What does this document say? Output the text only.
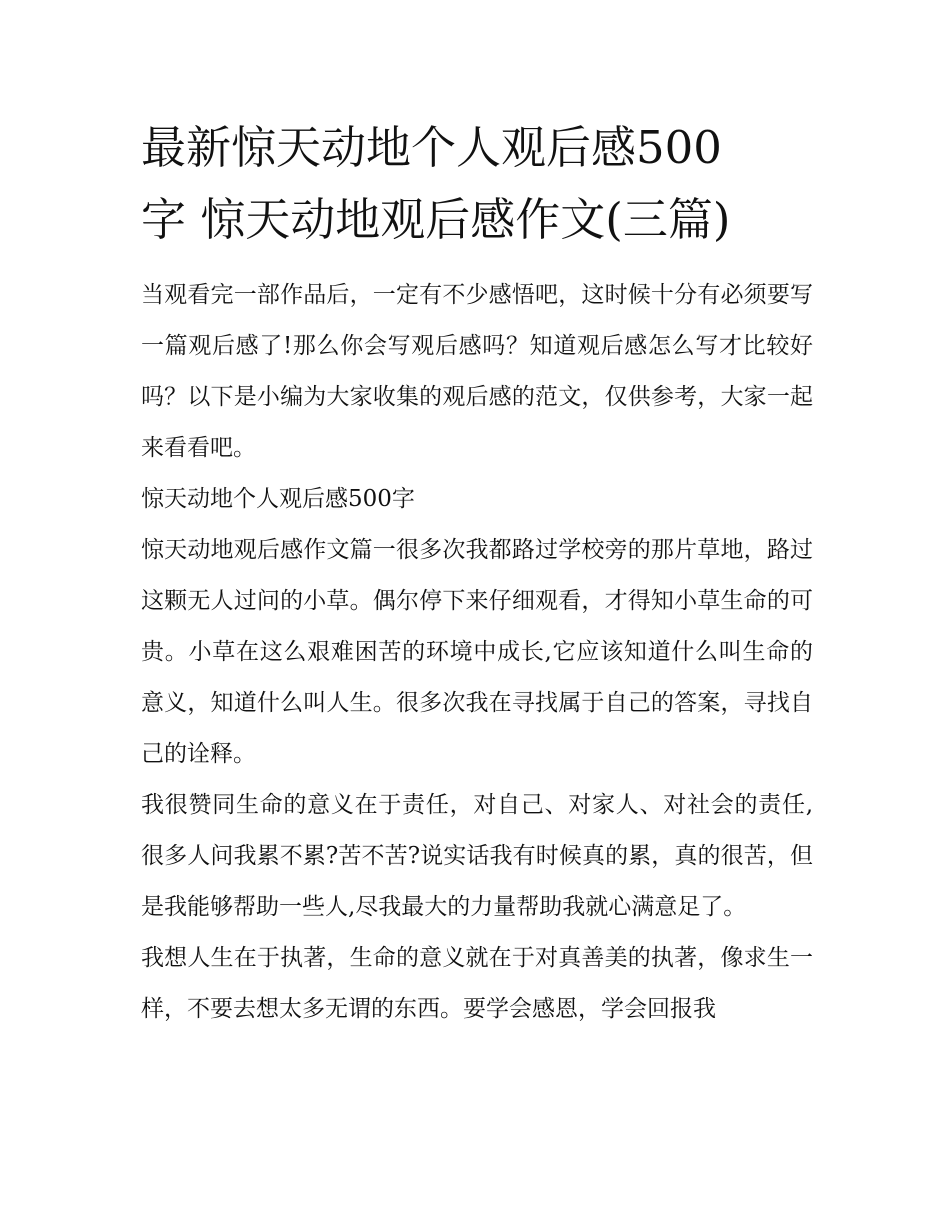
最新惊天动地个人观后感500
字 惊天动地观后感作文(三篇)

当观看完一部作品后，一定有不少感悟吧，这时候十分有必须要写一篇观后感了!那么你会写观后感吗？知道观后感怎么写才比较好吗？以下是小编为大家收集的观后感的范文，仅供参考，大家一起来看看吧。

惊天动地个人观后感500字

惊天动地观后感作文篇一很多次我都路过学校旁的那片草地，路过这颗无人过问的小草。偶尔停下来仔细观看，才得知小草生命的可贵。小草在这么艰难困苦的环境中成长,它应该知道什么叫生命的意义，知道什么叫人生。很多次我在寻找属于自己的答案，寻找自己的诠释。

我很赞同生命的意义在于责任，对自己、对家人、对社会的责任,很多人问我累不累?苦不苦?说实话我有时候真的累，真的很苦，但是我能够帮助一些人,尽我最大的力量帮助我就心满意足了。

我想人生在于执著，生命的意义就在于对真善美的执著，像求生一样，不要去想太多无谓的东西。要学会感恩，学会回报我
